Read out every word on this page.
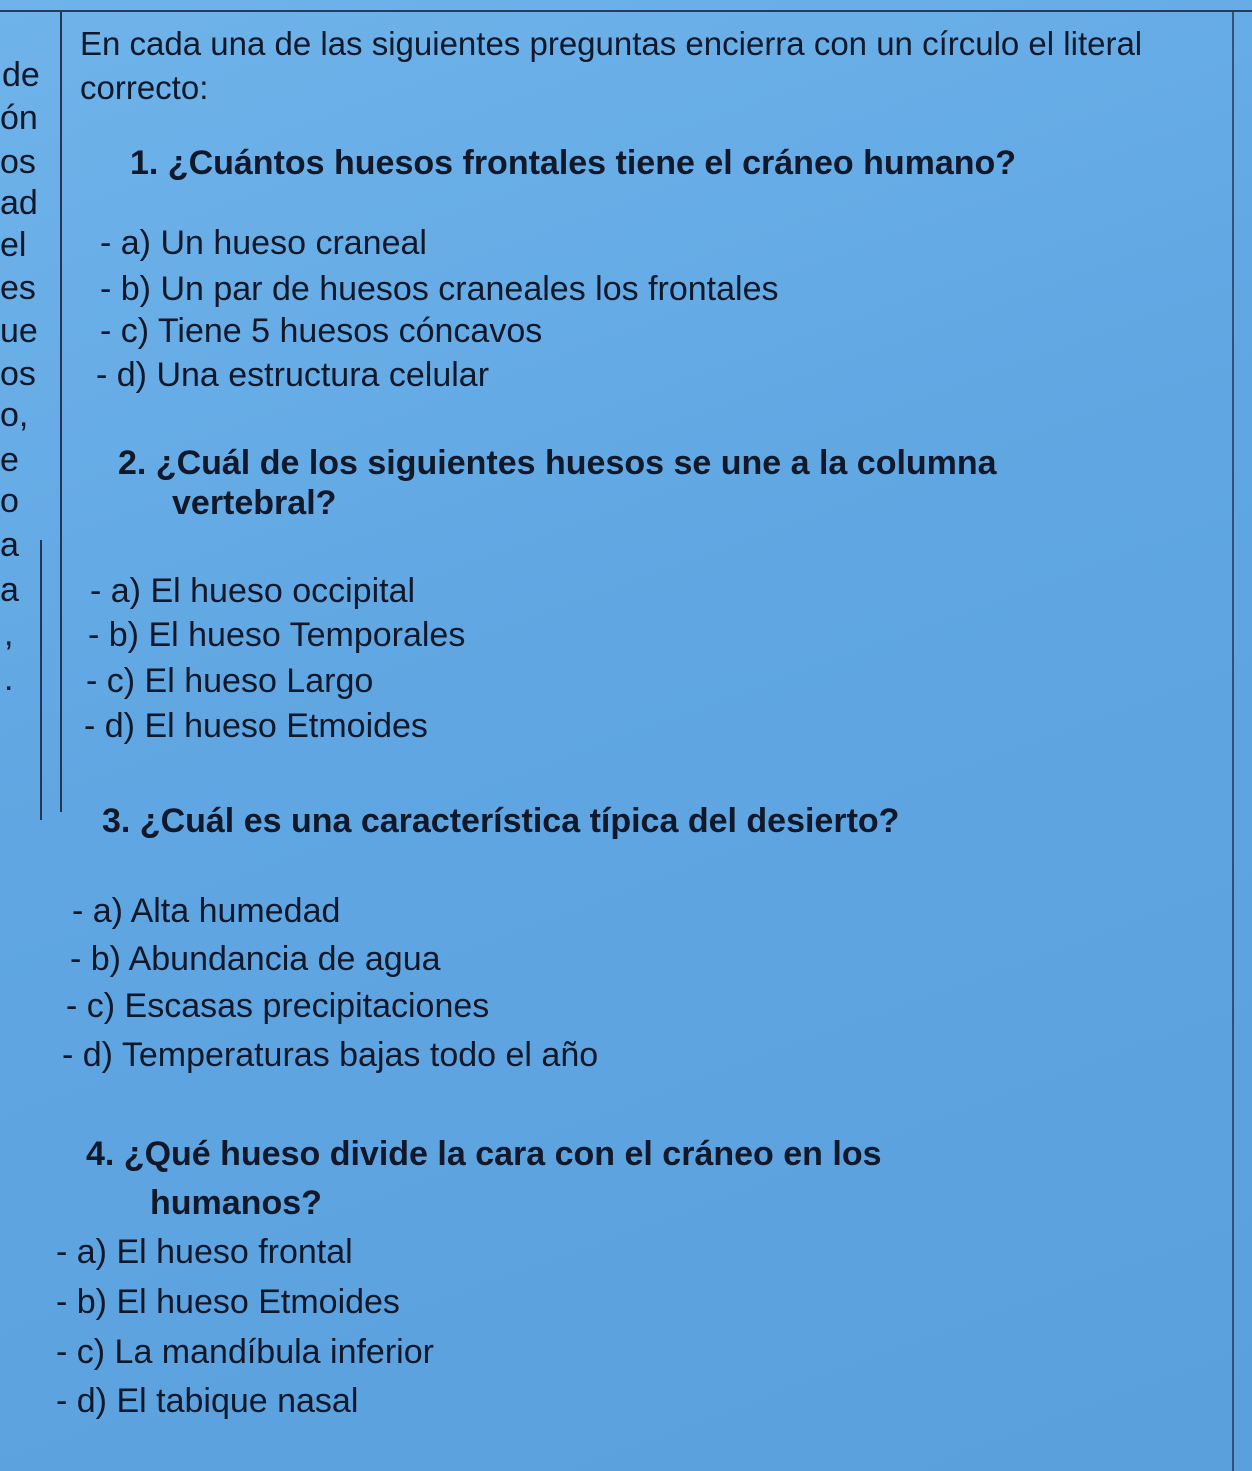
de
ón
os
ad
el
es
ue
os
o,
e
o
a
a
,
.
En cada una de las siguientes preguntas encierra con un círculo el literal correcto:
1. ¿Cuántos huesos frontales tiene el cráneo humano?
- a) Un hueso craneal
- b) Un par de huesos craneales los frontales
- c) Tiene 5 huesos cóncavos
- d) Una estructura celular
2. ¿Cuál de los siguientes huesos se une a la columna
vertebral?
- a) El hueso occipital
- b) El hueso Temporales
- c) El hueso Largo
- d) El hueso Etmoides
3. ¿Cuál es una característica típica del desierto?
- a) Alta humedad
- b) Abundancia de agua
- c) Escasas precipitaciones
- d) Temperaturas bajas todo el año
4. ¿Qué hueso divide la cara con el cráneo en los
humanos?
- a) El hueso frontal
- b) El hueso Etmoides
- c) La mandíbula inferior
- d) El tabique nasal
